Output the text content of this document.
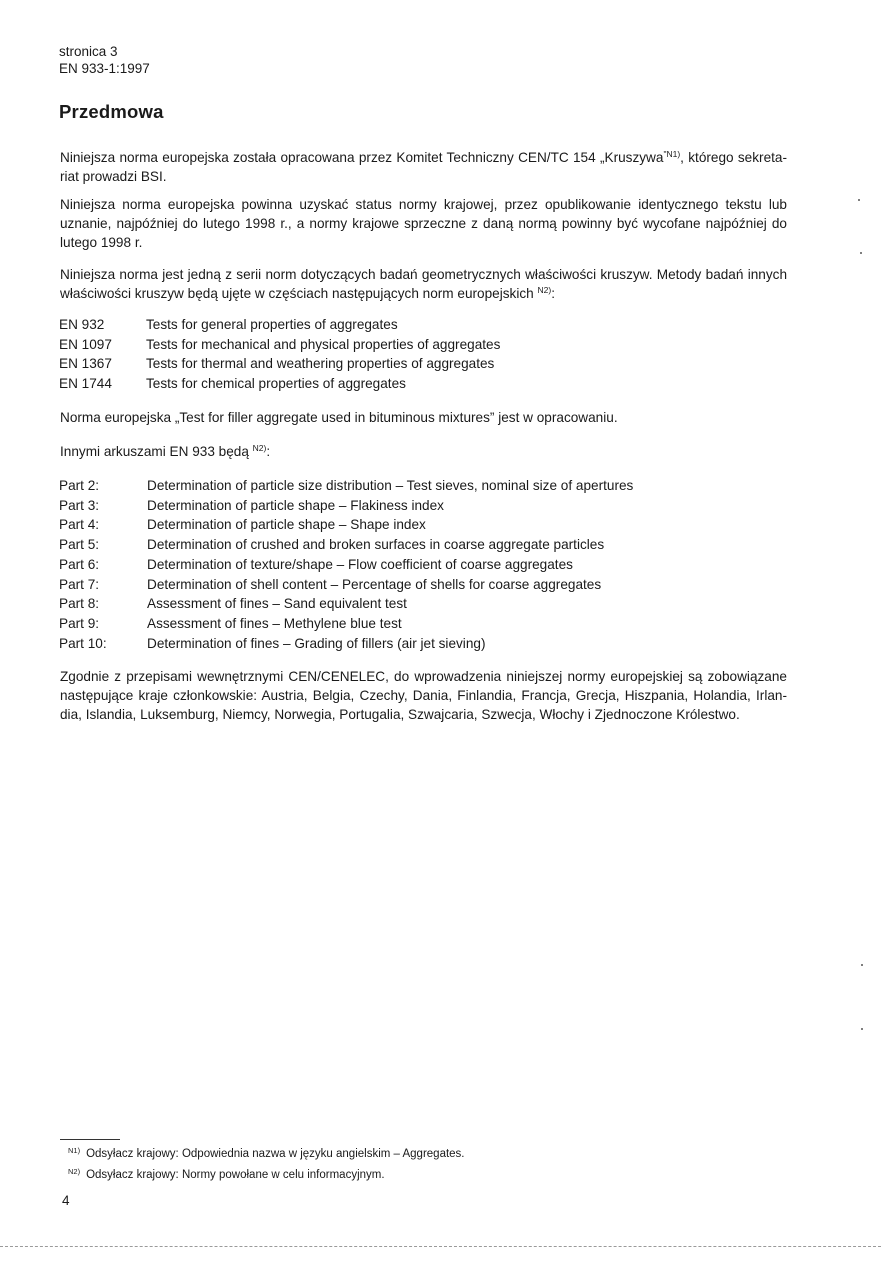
stronica 3
EN 933-1:1997
Przedmowa

Niniejsza norma europejska została opracowana przez Komitet Techniczny CEN/TC 154 „Kruszywa$^{"N1)}$, którego sekreta-riat prowadzi BSI.

Niniejsza norma europejska powinna uzyskać status normy krajowej, przez opublikowanie identycznego tekstu lub uznanie, najpóźniej do lutego 1998 r., a normy krajowe sprzeczne z daną normą powinny być wycofane najpóźniej do lutego 1998 r.

Niniejsza norma jest jedną z serii norm dotyczących badań geometrycznych właściwości kruszyw. Metody badań innych właściwości kruszyw będą ujęte w częściach następujących norm europejskich $^{N2)}$:

EN 932	Tests for general properties of aggregates
EN 1097	Tests for mechanical and physical properties of aggregates
EN 1367	Tests for thermal and weathering properties of aggregates
EN 1744	Tests for chemical properties of aggregates

Norma europejska „Test for filler aggregate used in bituminous mixtures” jest w opracowaniu.

Innymi arkuszami EN 933 będą $^{N2)}$:

Part 2:	Determination of particle size distribution – Test sieves, nominal size of apertures
Part 3:	Determination of particle shape – Flakiness index
Part 4:	Determination of particle shape – Shape index
Part 5:	Determination of crushed and broken surfaces in coarse aggregate particles
Part 6:	Determination of texture/shape – Flow coefficient of coarse aggregates
Part 7:	Determination of shell content – Percentage of shells for coarse aggregates
Part 8:	Assessment of fines – Sand equivalent test
Part 9:	Assessment of fines – Methylene blue test
Part 10:	Determination of fines – Grading of fillers (air jet sieving)

Zgodnie z przepisami wewnętrznymi CEN/CENELEC, do wprowadzenia niniejszej normy europejskiej są zobowiązane następujące kraje członkowskie: Austria, Belgia, Czechy, Dania, Finlandia, Francja, Grecja, Hiszpania, Holandia, Irlan-dia, Islandia, Luksemburg, Niemcy, Norwegia, Portugalia, Szwajcaria, Szwecja, Włochy i Zjednoczone Królestwo.

$^{N1)}$ Odsyłacz krajowy: Odpowiednia nazwa w języku angielskim – Aggregates.
$^{N2)}$ Odsyłacz krajowy: Normy powołane w celu informacyjnym.
4
